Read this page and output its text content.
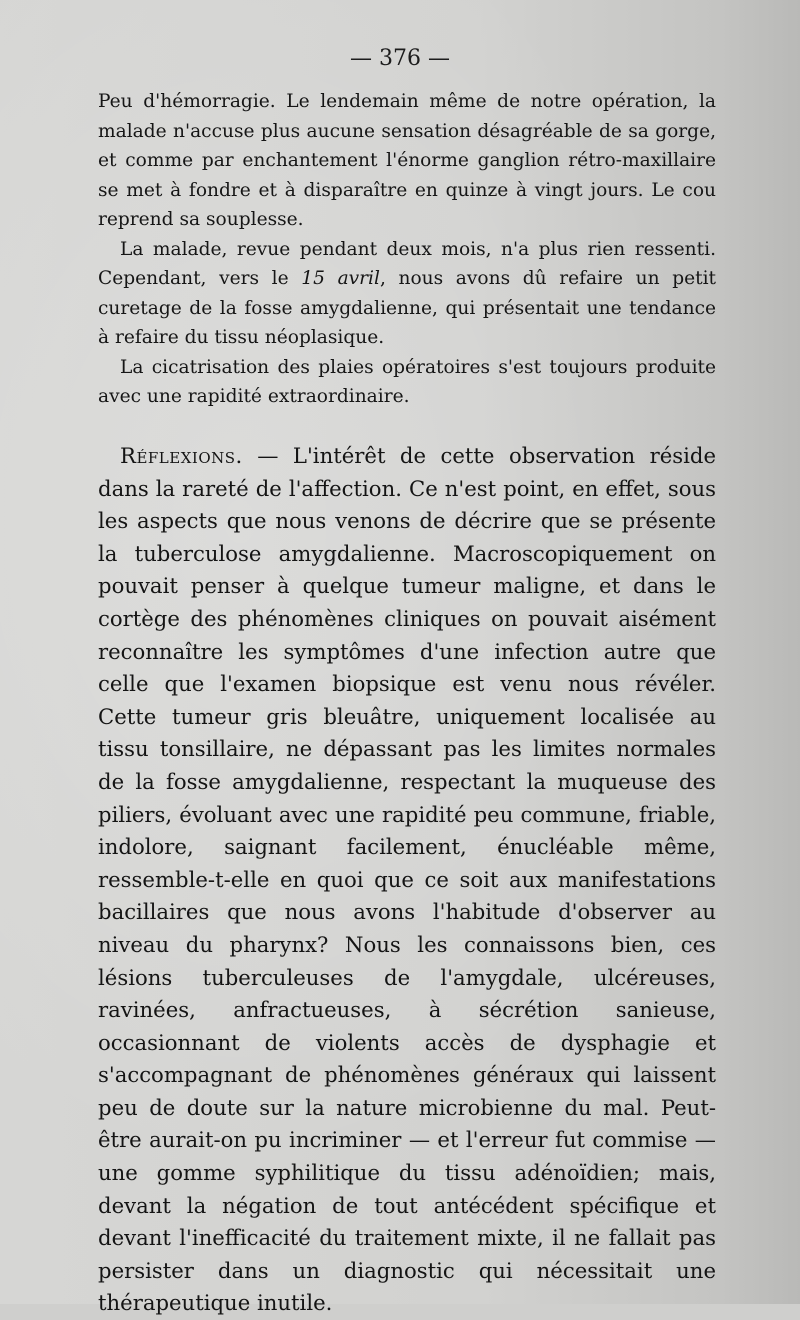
— 376 —

Peu d'hémorragie. Le lendemain même de notre opération, la malade n'accuse plus aucune sensation désagréable de sa gorge, et comme par enchantement l'énorme ganglion rétro-maxillaire se met à fondre et à disparaître en quinze à vingt jours. Le cou reprend sa souplesse.

La malade, revue pendant deux mois, n'a plus rien ressenti. Cependant, vers le 15 avril, nous avons dû refaire un petit curetage de la fosse amygdalienne, qui présentait une tendance à refaire du tissu néoplasique.

La cicatrisation des plaies opératoires s'est toujours produite avec une rapidité extraordinaire.

Réflexions. — L'intérêt de cette observation réside dans la rareté de l'affection. Ce n'est point, en effet, sous les aspects que nous venons de décrire que se présente la tuberculose amygdalienne. Macroscopiquement on pouvait penser à quelque tumeur maligne, et dans le cortège des phénomènes cliniques on pouvait aisément reconnaître les symptômes d'une infection autre que celle que l'examen biopsique est venu nous révéler. Cette tumeur gris bleuâtre, uniquement localisée au tissu tonsillaire, ne dépassant pas les limites normales de la fosse amygdalienne, respectant la muqueuse des piliers, évoluant avec une rapidité peu commune, friable, indolore, saignant facilement, énucléable même, ressemble-t-elle en quoi que ce soit aux manifestations bacillaires que nous avons l'habitude d'observer au niveau du pharynx? Nous les connaissons bien, ces lésions tuberculeuses de l'amygdale, ulcéreuses, ravinées, anfractueuses, à sécrétion sanieuse, occasionnant de violents accès de dysphagie et s'accompagnant de phénomènes généraux qui laissent peu de doute sur la nature microbienne du mal. Peut-être aurait-on pu incriminer — et l'erreur fut commise — une gomme syphilitique du tissu adénoïdien; mais, devant la négation de tout antécédent spécifique et devant l'inefficacité du traitement mixte, il ne fallait pas persister dans un diagnostic qui nécessitait une thérapeutique inutile.
